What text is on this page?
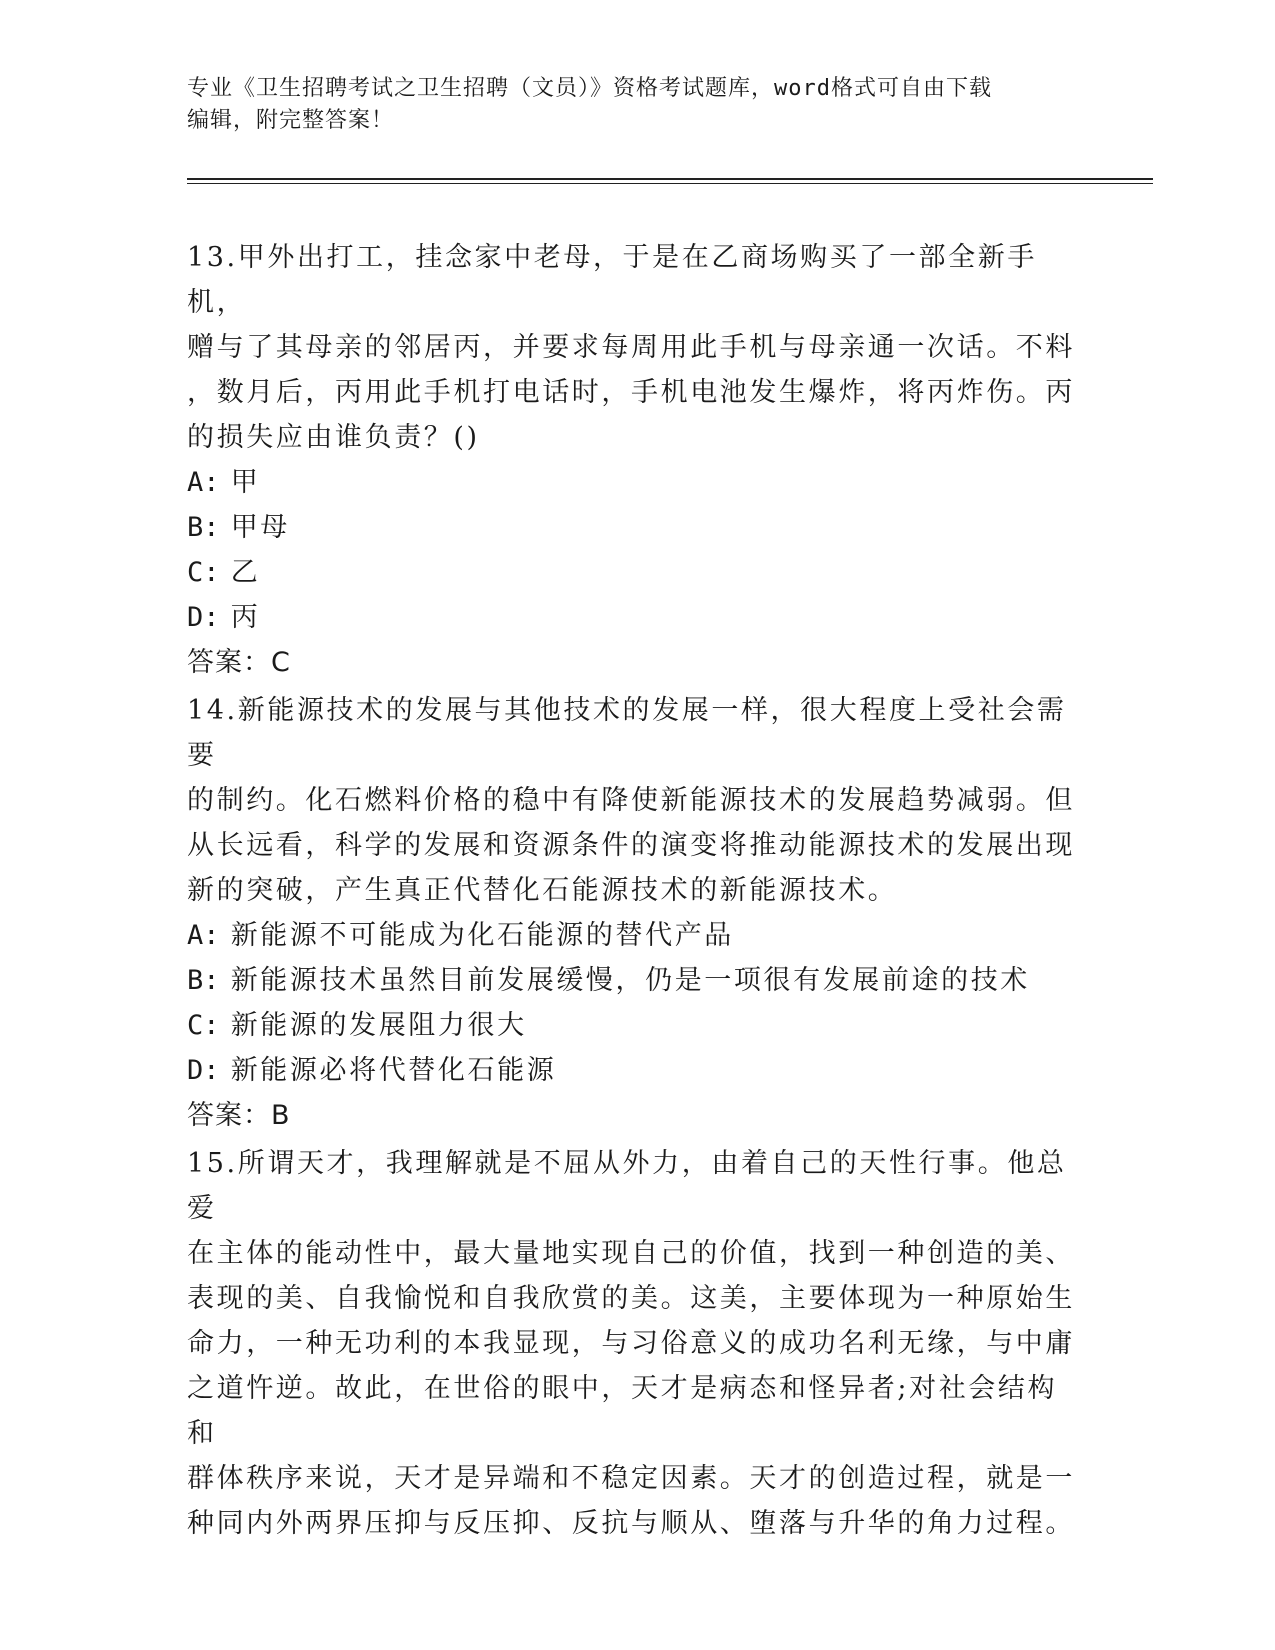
专业《卫生招聘考试之卫生招聘（文员）》资格考试题库，word格式可自由下载
编辑，附完整答案！

13.甲外出打工，挂念家中老母，于是在乙商场购买了一部全新手机，

赠与了其母亲的邻居丙，并要求每周用此手机与母亲通一次话。不料

，数月后，丙用此手机打电话时，手机电池发生爆炸，将丙炸伤。丙

的损失应由谁负责？()

A: 甲

B: 甲母

C: 乙

D: 丙

答案：C

14.新能源技术的发展与其他技术的发展一样，很大程度上受社会需要

的制约。化石燃料价格的稳中有降使新能源技术的发展趋势减弱。但

从长远看，科学的发展和资源条件的演变将推动能源技术的发展出现

新的突破，产生真正代替化石能源技术的新能源技术。

A: 新能源不可能成为化石能源的替代产品

B: 新能源技术虽然目前发展缓慢，仍是一项很有发展前途的技术

C: 新能源的发展阻力很大

D: 新能源必将代替化石能源

答案：B

15.所谓天才，我理解就是不屈从外力，由着自己的天性行事。他总爱

在主体的能动性中，最大量地实现自己的价值，找到一种创造的美、

表现的美、自我愉悦和自我欣赏的美。这美，主要体现为一种原始生

命力，一种无功利的本我显现，与习俗意义的成功名利无缘，与中庸

之道忤逆。故此，在世俗的眼中，天才是病态和怪异者;对社会结构和

群体秩序来说，天才是异端和不稳定因素。天才的创造过程，就是一

种同内外两界压抑与反压抑、反抗与顺从、堕落与升华的角力过程。
